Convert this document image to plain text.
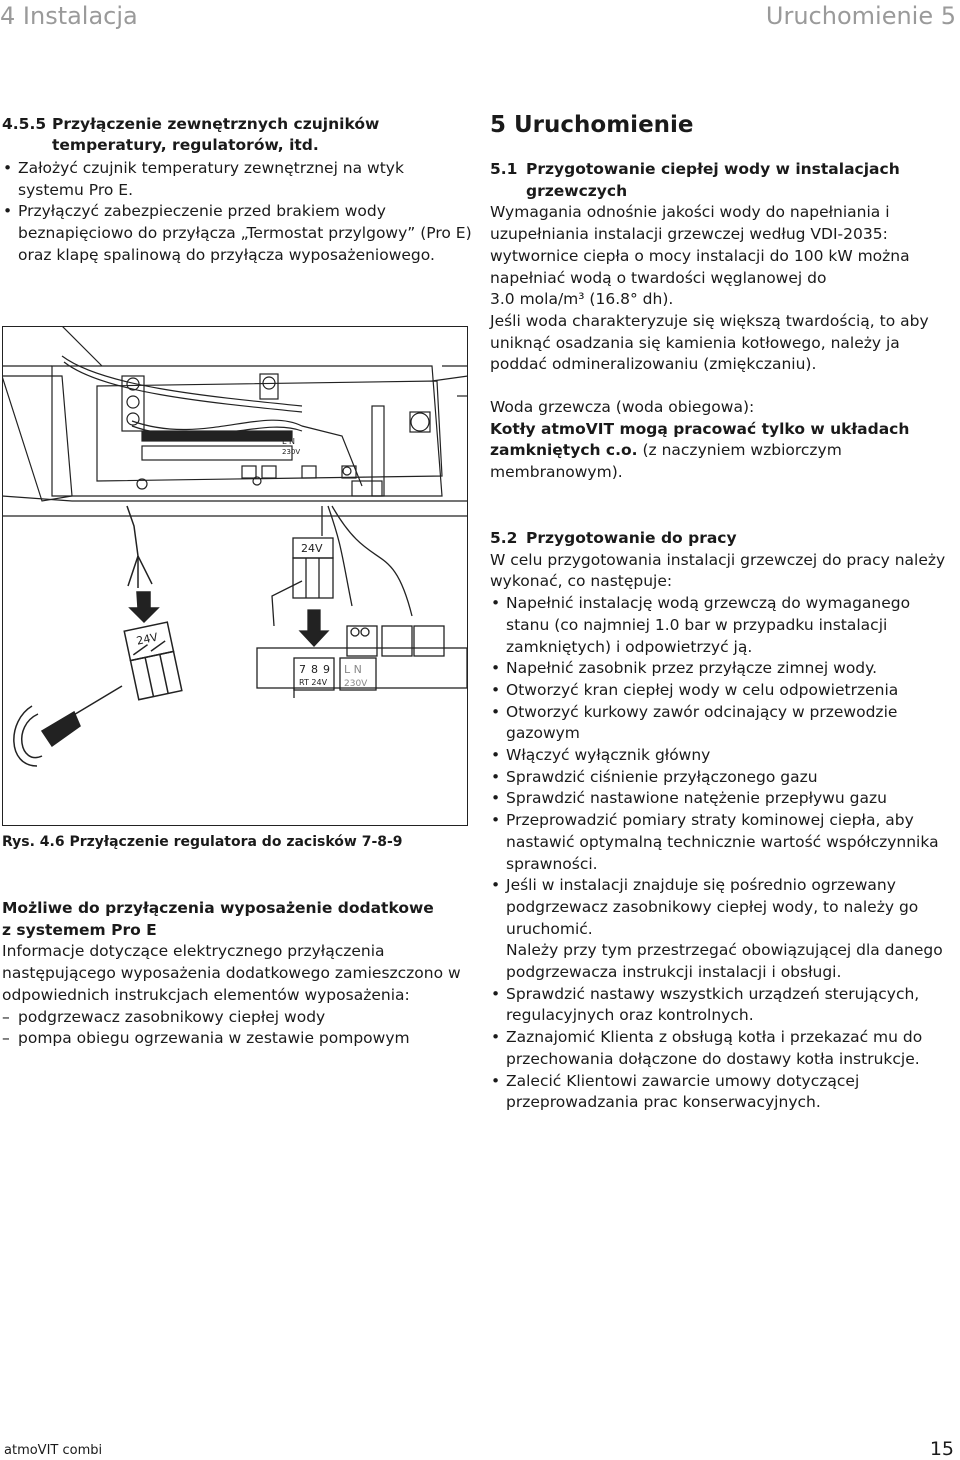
4 Instalacja	Uruchomienie 5
4.5.5 Przyłączenie zewnętrznych czujników
temperatury, regulatorów, itd.
• Założyć czujnik temperatury zewnętrznej na wtyk systemu Pro E.
• Przyłączyć zabezpieczenie przed brakiem wody beznapięciowo do przyłącza „Termostat przylgowy” (Pro E) oraz klapę spalinową do przyłącza wyposażeniowego.
L N
230V
24V
24V
7 8 9
RT 24V
L N
230V
Rys. 4.6 Przyłączenie regulatora do zacisków 7-8-9
Możliwe do przyłączenia wyposażenie dodatkowe
z systemem Pro E

Informacje dotyczące elektrycznego przyłączenia następującego wyposażenia dodatkowego zamieszczono w odpowiednich instrukcjach elementów wyposażenia:

– podgrzewacz zasobnikowy ciepłej wody
– pompa obiegu ogrzewania w zestawie pompowym
5 Uruchomienie
5.1 Przygotowanie ciepłej wody w instalacjach
grzewczych

Wymagania odnośnie jakości wody do napełniania i uzupełniania instalacji grzewczej według VDI-2035: wytwornice ciepła o mocy instalacji do 100 kW można napełniać wodą o twardości węglanowej do

3.0 mola/m³ (16.8° dh).

Jeśli woda charakteryzuje się większą twardością, to aby uniknąć osadzania się kamienia kotłowego, należy ja poddać odmineralizowaniu (zmiękczaniu).

Woda grzewcza (woda obiegowa):

Kotły atmoVIT mogą pracować tylko w układach zamkniętych c.o. (z naczyniem wzbiorczym membranowym).

5.2 Przygotowanie do pracy

W celu przygotowania instalacji grzewczej do pracy należy wykonać, co następuje:

• Napełnić instalację wodą grzewczą do wymaganego stanu (co najmniej 1.0 bar w przypadku instalacji zamkniętych) i odpowietrzyć ją.
• Napełnić zasobnik przez przyłącze zimnej wody.
• Otworzyć kran ciepłej wody w celu odpowietrzenia
• Otworzyć kurkowy zawór odcinający w przewodzie gazowym
• Włączyć wyłącznik główny
• Sprawdzić ciśnienie przyłączonego gazu
• Sprawdzić nastawione natężenie przepływu gazu
• Przeprowadzić pomiary straty kominowej ciepła, aby nastawić optymalną technicznie wartość współczynnika sprawności.
• Jeśli w instalacji znajduje się pośrednio ogrzewany podgrzewacz zasobnikowy ciepłej wody, to należy go uruchomić.
Należy przy tym przestrzegać obowiązującej dla danego podgrzewacza instrukcji instalacji i obsługi.
• Sprawdzić nastawy wszystkich urządzeń sterujących, regulacyjnych oraz kontrolnych.
• Zaznajomić Klienta z obsługą kotła i przekazać mu do przechowania dołączone do dostawy kotła instrukcje.
• Zalecić Klientowi zawarcie umowy dotyczącej przeprowadzania prac konserwacyjnych.
atmoVIT combi	15
